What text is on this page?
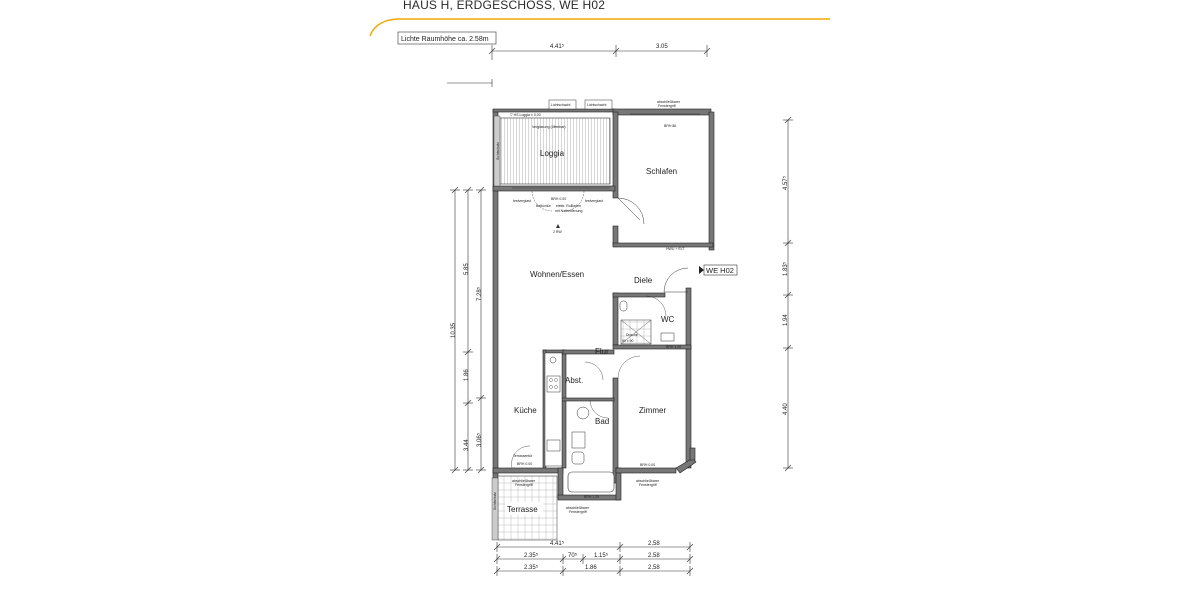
HAUS H, ERDGESCHOSS, WE H02
Lichte Raumhöhe ca. 2.58m
4.41⁵	3.05
Loggia
▽ HS Loggia ± 0,00
Verglasung (öffenbar)
Sichtschutz
Lichtschacht	Lichtschacht
abschließbarer
Fenstergriff
Schlafen
BRH 86
HWU + ELT
BRH 0.00
festverglast	festverglast
Balkontür elektr. Rollladen
mit Notbedienung
2 RW
Wohnen/Essen
Diele
WE H02
WC
Dusche
90 x 90
BRH 1.20
Flur
Abst.
Bad
BRH 1.20
Küche
Terrassentür
BRH 0.00
Zimmer
BRH 0.00
Sichtschutz Terrasse
abschließbarer
Fenstergriff
abschließbarer
Fenstergriff
abschließbarer
Fenstergriff
4.57⁵
1.83⁵
1.94
4.40
10.35
5.85
1.86
3.44
7.28⁵
3.06⁵
4.41⁵	2.58
2.35⁵	70⁵	1.15⁵	2.58
2.35⁵	1.86	2.58
